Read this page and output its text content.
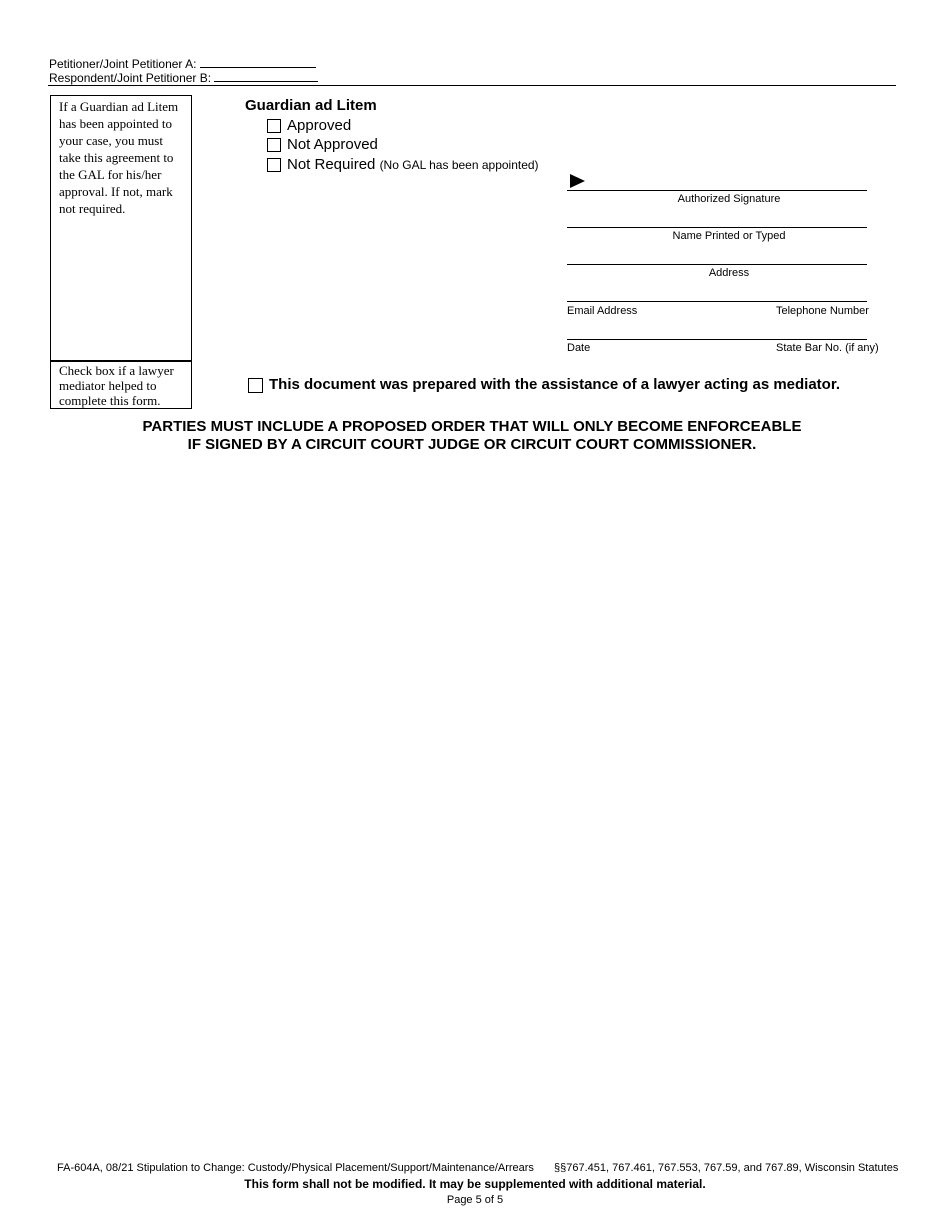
Petitioner/Joint Petitioner A:
Respondent/Joint Petitioner B:
If a Guardian ad Litem has been appointed to your case, you must take this agreement to the GAL for his/her approval. If not, mark not required.
Check box if a lawyer mediator helped to complete this form.
Guardian ad Litem
Approved
Not Approved
Not Required (No GAL has been appointed)
Authorized Signature
Name Printed or Typed
Address
Email Address	Telephone Number
Date	State Bar No. (if any)
This document was prepared with the assistance of a lawyer acting as mediator.
PARTIES MUST INCLUDE A PROPOSED ORDER THAT WILL ONLY BECOME ENFORCEABLE
IF SIGNED BY A CIRCUIT COURT JUDGE OR CIRCUIT COURT COMMISSIONER.
FA-604A, 08/21 Stipulation to Change: Custody/Physical Placement/Support/Maintenance/Arrears §§767.451, 767.461, 767.553, 767.59, and 767.89, Wisconsin Statutes
This form shall not be modified. It may be supplemented with additional material.
Page 5 of 5
